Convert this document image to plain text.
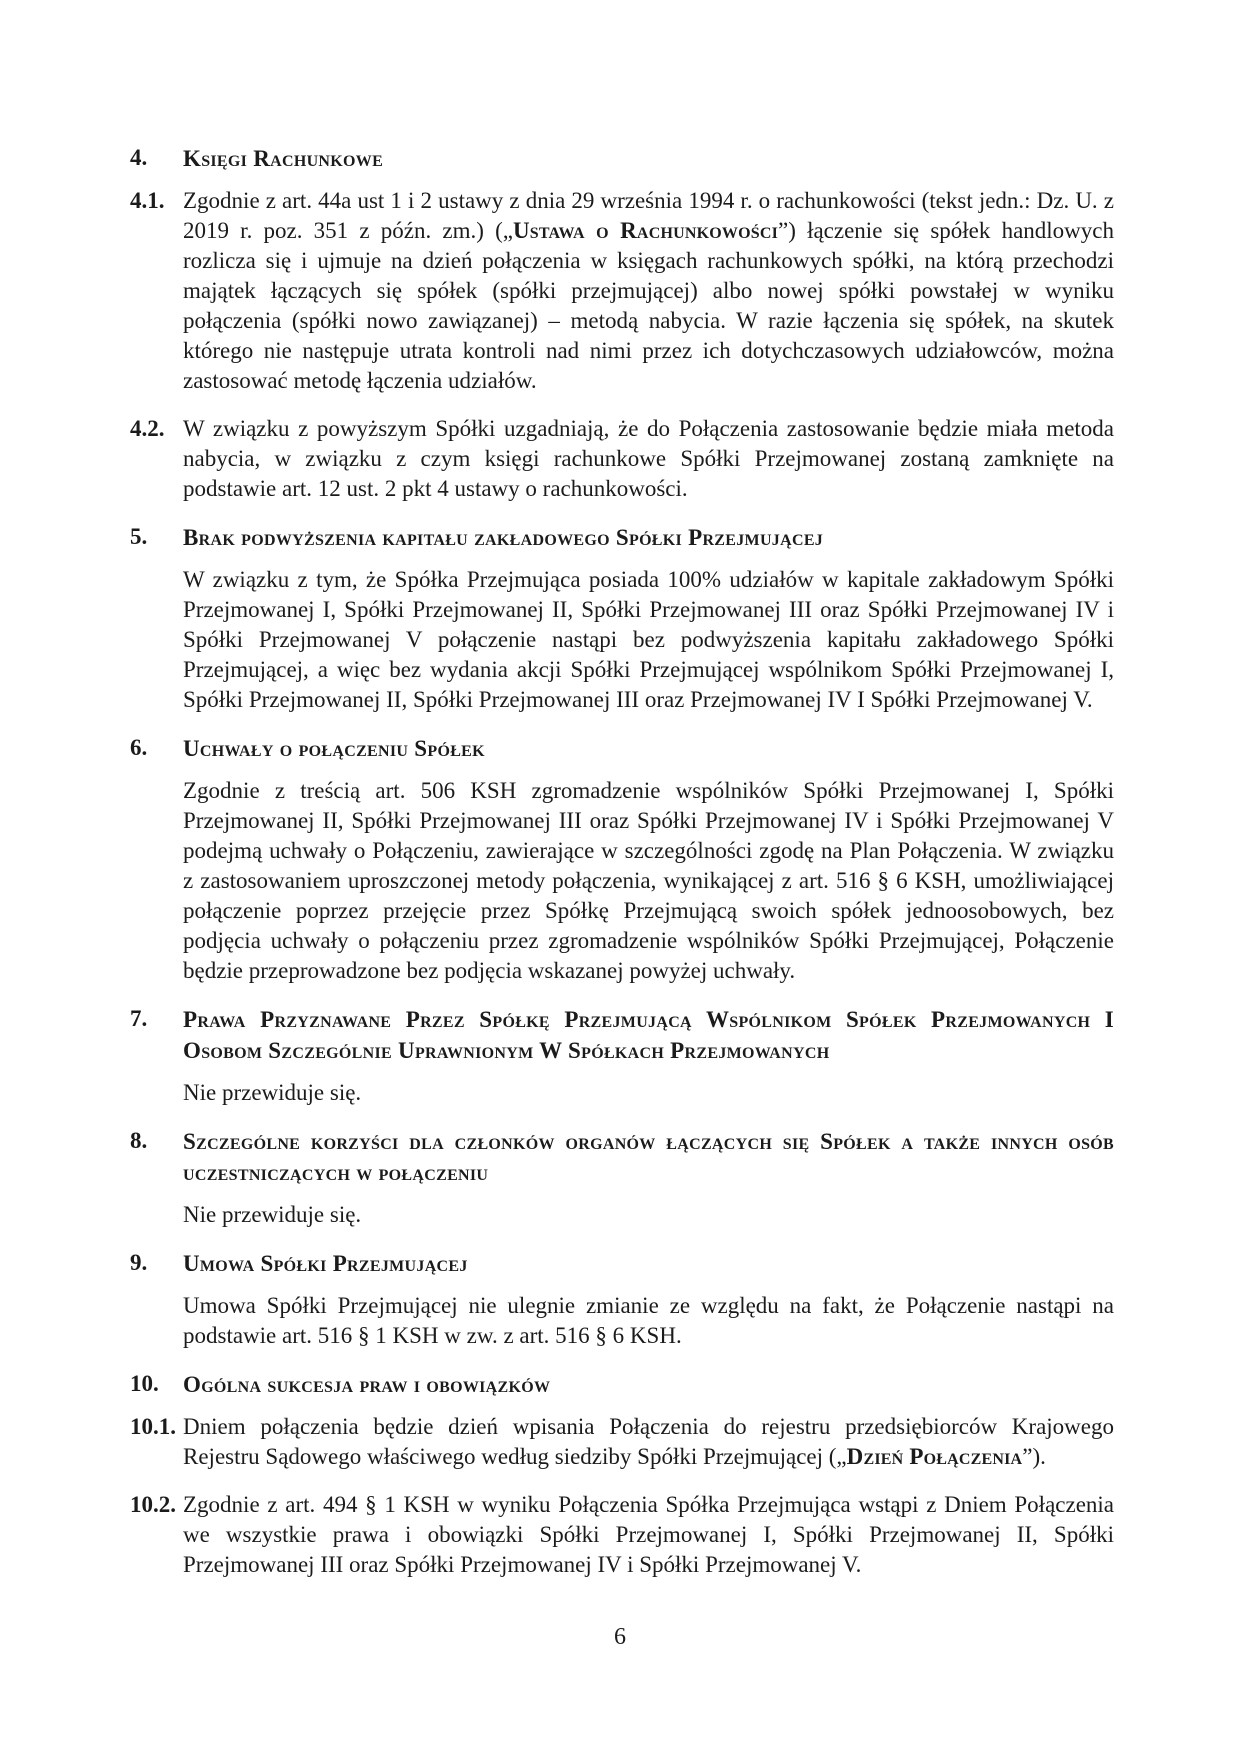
4.	Księgi Rachunkowe
4.1. Zgodnie z art. 44a ust 1 i 2 ustawy z dnia 29 września 1994 r. o rachunkowości (tekst jedn.: Dz. U. z 2019 r. poz. 351 z późn. zm.) („Ustawa o Rachunkowości”) łączenie się spółek handlowych rozlicza się i ujmuje na dzień połączenia w księgach rachunkowych spółki, na którą przechodzi majątek łączących się spółek (spółki przejmującej) albo nowej spółki powstałej w wyniku połączenia (spółki nowo zawiązanej) – metodą nabycia. W razie łączenia się spółek, na skutek którego nie następuje utrata kontroli nad nimi przez ich dotychczasowych udziałowców, można zastosować metodę łączenia udziałów.

4.2. W związku z powyższym Spółki uzgadniają, że do Połączenia zastosowanie będzie miała metoda nabycia, w związku z czym księgi rachunkowe Spółki Przejmowanej zostaną zamknięte na podstawie art. 12 ust. 2 pkt 4 ustawy o rachunkowości.

5.	Brak podwyższenia kapitału zakładowego Spółki Przejmującej

W związku z tym, że Spółka Przejmująca posiada 100% udziałów w kapitale zakładowym Spółki Przejmowanej I, Spółki Przejmowanej II, Spółki Przejmowanej III oraz Spółki Przejmowanej IV i Spółki Przejmowanej V połączenie nastąpi bez podwyższenia kapitału zakładowego Spółki Przejmującej, a więc bez wydania akcji Spółki Przejmującej wspólnikom Spółki Przejmowanej I, Spółki Przejmowanej II, Spółki Przejmowanej III oraz Przejmowanej IV I Spółki Przejmowanej V.

6.	Uchwały o połączeniu Spółek

Zgodnie z treścią art. 506 KSH zgromadzenie wspólników Spółki Przejmowanej I, Spółki Przejmowanej II, Spółki Przejmowanej III oraz Spółki Przejmowanej IV i Spółki Przejmowanej V podejmą uchwały o Połączeniu, zawierające w szczególności zgodę na Plan Połączenia. W związku z zastosowaniem uproszczonej metody połączenia, wynikającej z art. 516 § 6 KSH, umożliwiającej połączenie poprzez przejęcie przez Spółkę Przejmującą swoich spółek jednoosobowych, bez podjęcia uchwały o połączeniu przez zgromadzenie wspólników Spółki Przejmującej, Połączenie będzie przeprowadzone bez podjęcia wskazanej powyżej uchwały.

7.	Prawa Przyznawane Przez Spółkę Przejmującą Wspólnikom Spółek Przejmowanych I Osobom Szczególnie Uprawnionym W Spółkach Przejmowanych

Nie przewiduje się.

8.	Szczególne korzyści dla członków organów łączących się Spółek a także innych osób uczestniczących w połączeniu

Nie przewiduje się.

9.	Umowa Spółki Przejmującej

Umowa Spółki Przejmującej nie ulegnie zmianie ze względu na fakt, że Połączenie nastąpi na podstawie art. 516 § 1 KSH w zw. z art. 516 § 6 KSH.

10.	Ogólna sukcesja praw i obowiązków
10.1. Dniem połączenia będzie dzień wpisania Połączenia do rejestru przedsiębiorców Krajowego Rejestru Sądowego właściwego według siedziby Spółki Przejmującej („Dzień Połączenia”).

10.2. Zgodnie z art. 494 § 1 KSH w wyniku Połączenia Spółka Przejmująca wstąpi z Dniem Połączenia we wszystkie prawa i obowiązki Spółki Przejmowanej I, Spółki Przejmowanej II, Spółki Przejmowanej III oraz Spółki Przejmowanej IV i Spółki Przejmowanej V.

6
